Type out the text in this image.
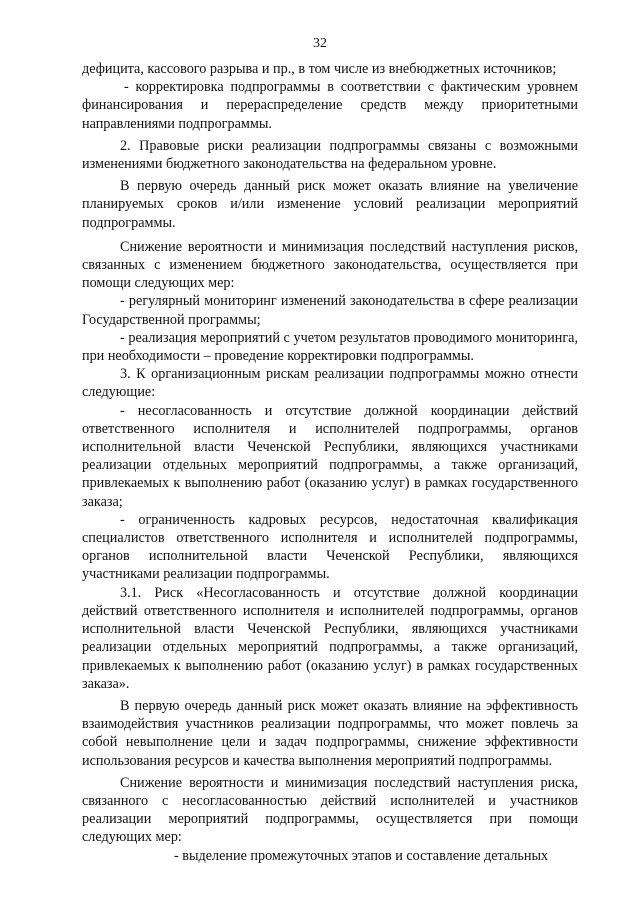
32

дефицита, кассового разрыва и пр., в том числе из внебюджетных источников;

- корректировка подпрограммы в соответствии с фактическим уровнем финансирования и перераспределение средств между приоритетными направлениями подпрограммы.

2. Правовые риски реализации подпрограммы связаны с возможными изменениями бюджетного законодательства на федеральном уровне.

В первую очередь данный риск может оказать влияние на увеличение планируемых сроков и/или изменение условий реализации мероприятий подпрограммы.

Снижение вероятности и минимизация последствий наступления рисков, связанных с изменением бюджетного законодательства, осуществляется при помощи следующих мер:

- регулярный мониторинг изменений законодательства в сфере реализации Государственной программы;

- реализация мероприятий с учетом результатов проводимого мониторинга, при необходимости – проведение корректировки подпрограммы.

3. К организационным рискам реализации подпрограммы можно отнести следующие:

- несогласованность и отсутствие должной координации действий ответственного исполнителя и исполнителей подпрограммы, органов исполнительной власти Чеченской Республики, являющихся участниками реализации отдельных мероприятий подпрограммы, а также организаций, привлекаемых к выполнению работ (оказанию услуг) в рамках государственного заказа;

- ограниченность кадровых ресурсов, недостаточная квалификация специалистов ответственного исполнителя и исполнителей подпрограммы, органов исполнительной власти Чеченской Республики, являющихся участниками реализации подпрограммы.

3.1. Риск «Несогласованность и отсутствие должной координации действий ответственного исполнителя и исполнителей подпрограммы, органов исполнительной власти Чеченской Республики, являющихся участниками реализации отдельных мероприятий подпрограммы, а также организаций, привлекаемых к выполнению работ (оказанию услуг) в рамках государственных заказа».

В первую очередь данный риск может оказать влияние на эффективность взаимодействия участников реализации подпрограммы, что может повлечь за собой невыполнение цели и задач подпрограммы, снижение эффективности использования ресурсов и качества выполнения мероприятий подпрограммы.

Снижение вероятности и минимизация последствий наступления риска, связанного с несогласованностью действий исполнителей и участников реализации мероприятий подпрограммы, осуществляется при помощи следующих мер:

- выделение промежуточных этапов и составление детальных
